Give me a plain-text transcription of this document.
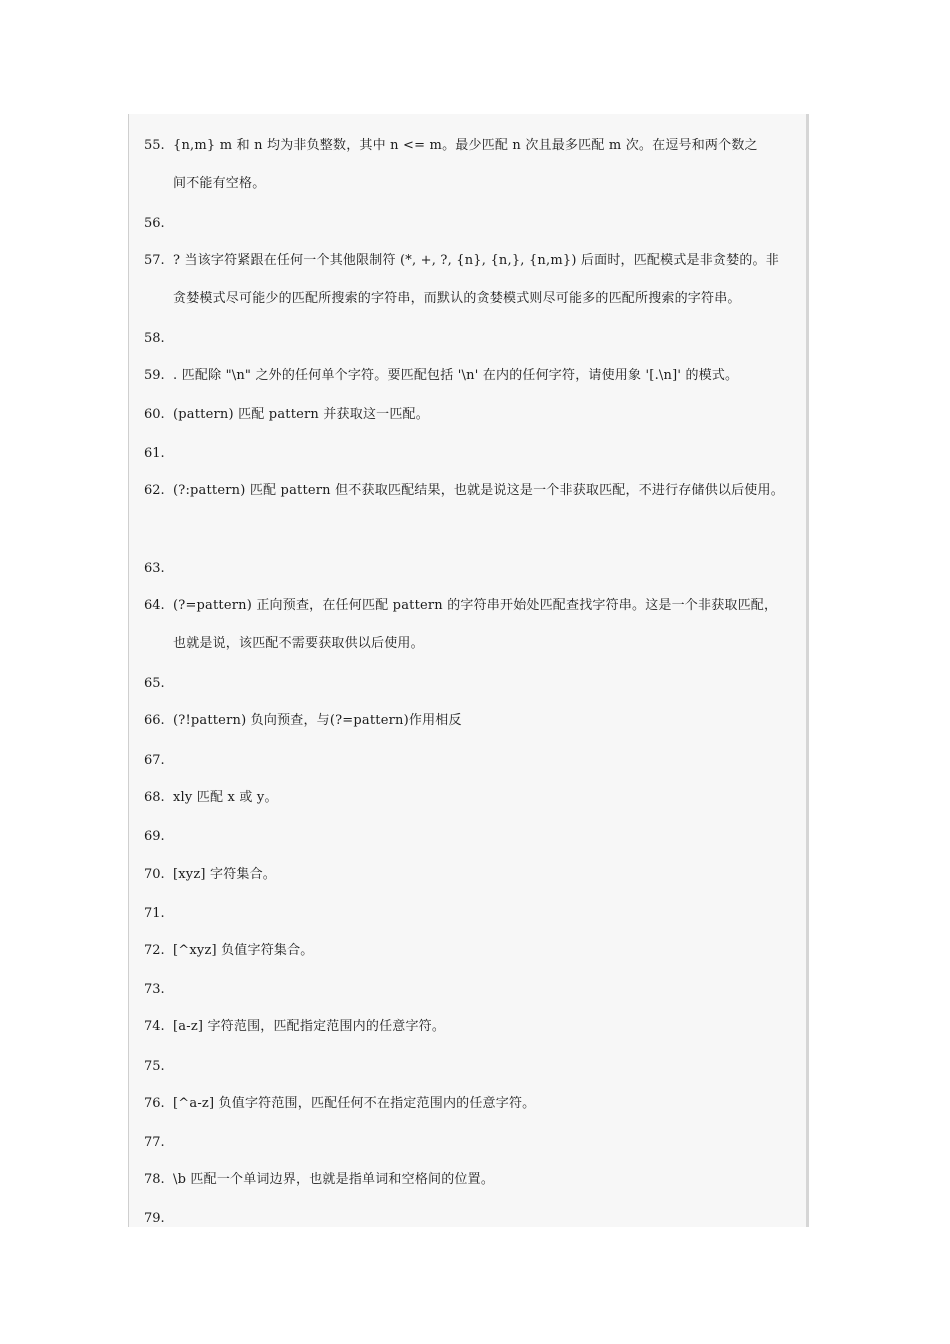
55. {n,m} m 和 n 均为非负整数，其中 n <= m。最少匹配 n 次且最多匹配 m 次。在逗号和两个数之
间不能有空格。
56.
57. ? 当该字符紧跟在任何一个其他限制符 (*, +, ?, {n}, {n,}, {n,m}) 后面时，匹配模式是非贪婪的。非
贪婪模式尽可能少的匹配所搜索的字符串，而默认的贪婪模式则尽可能多的匹配所搜索的字符串。
58.
59. . 匹配除 "\n" 之外的任何单个字符。要匹配包括 '\n' 在内的任何字符，请使用象 '[.\n]' 的模式。
60. (pattern) 匹配 pattern 并获取这一匹配。
61.
62. (?:pattern) 匹配 pattern 但不获取匹配结果，也就是说这是一个非获取匹配，不进行存储供以后使用。
63.
64. (?=pattern) 正向预查，在任何匹配 pattern 的字符串开始处匹配查找字符串。这是一个非获取匹配，
也就是说，该匹配不需要获取供以后使用。
65.
66. (?!pattern) 负向预查，与(?=pattern)作用相反
67.
68. xly 匹配 x 或 y。
69.
70. [xyz] 字符集合。
71.
72. [^xyz] 负值字符集合。
73.
74. [a-z] 字符范围，匹配指定范围内的任意字符。
75.
76. [^a-z] 负值字符范围，匹配任何不在指定范围内的任意字符。
77.
78. \b 匹配一个单词边界，也就是指单词和空格间的位置。
79.
